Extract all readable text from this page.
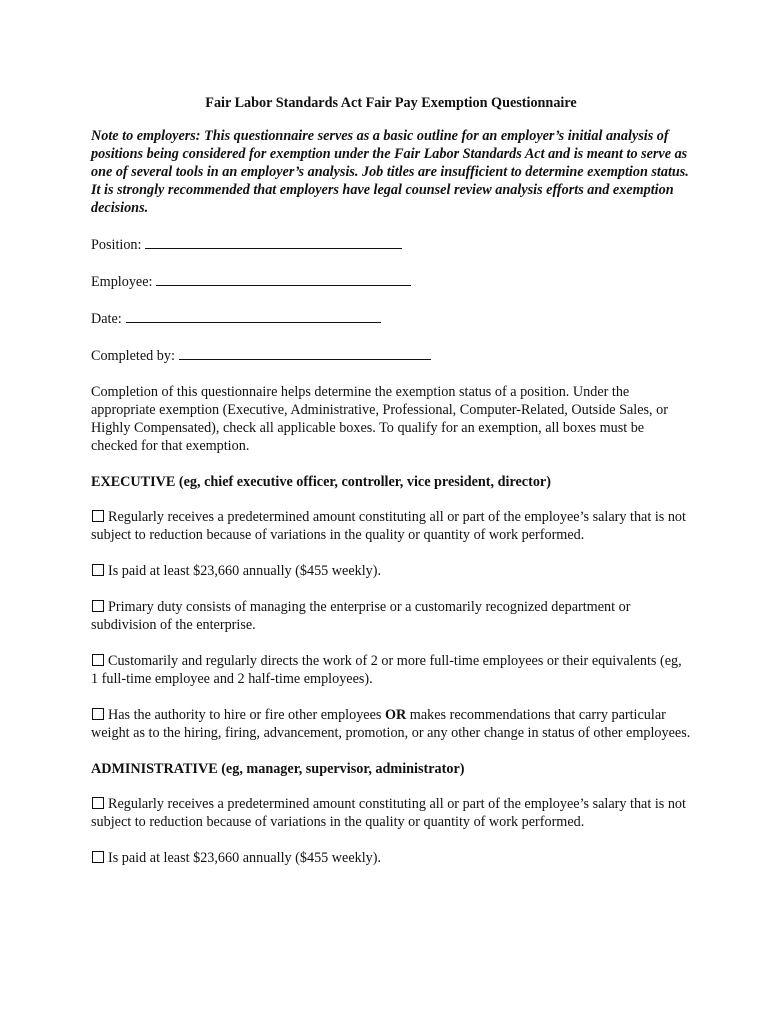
Fair Labor Standards Act Fair Pay Exemption Questionnaire
Note to employers: This questionnaire serves as a basic outline for an employer’s initial analysis of positions being considered for exemption under the Fair Labor Standards Act and is meant to serve as one of several tools in an employer’s analysis. Job titles are insufficient to determine exemption status. It is strongly recommended that employers have legal counsel review analysis efforts and exemption decisions.
Position:
Employee:
Date:
Completed by:
Completion of this questionnaire helps determine the exemption status of a position. Under the appropriate exemption (Executive, Administrative, Professional, Computer-Related, Outside Sales, or Highly Compensated), check all applicable boxes. To qualify for an exemption, all boxes must be checked for that exemption.
EXECUTIVE (eg, chief executive officer, controller, vice president, director)
Regularly receives a predetermined amount constituting all or part of the employee’s salary that is not subject to reduction because of variations in the quality or quantity of work performed.
Is paid at least $23,660 annually ($455 weekly).
Primary duty consists of managing the enterprise or a customarily recognized department or subdivision of the enterprise.
Customarily and regularly directs the work of 2 or more full-time employees or their equivalents (eg, 1 full-time employee and 2 half-time employees).
Has the authority to hire or fire other employees OR makes recommendations that carry particular weight as to the hiring, firing, advancement, promotion, or any other change in status of other employees.
ADMINISTRATIVE (eg, manager, supervisor, administrator)
Regularly receives a predetermined amount constituting all or part of the employee’s salary that is not subject to reduction because of variations in the quality or quantity of work performed.
Is paid at least $23,660 annually ($455 weekly).
